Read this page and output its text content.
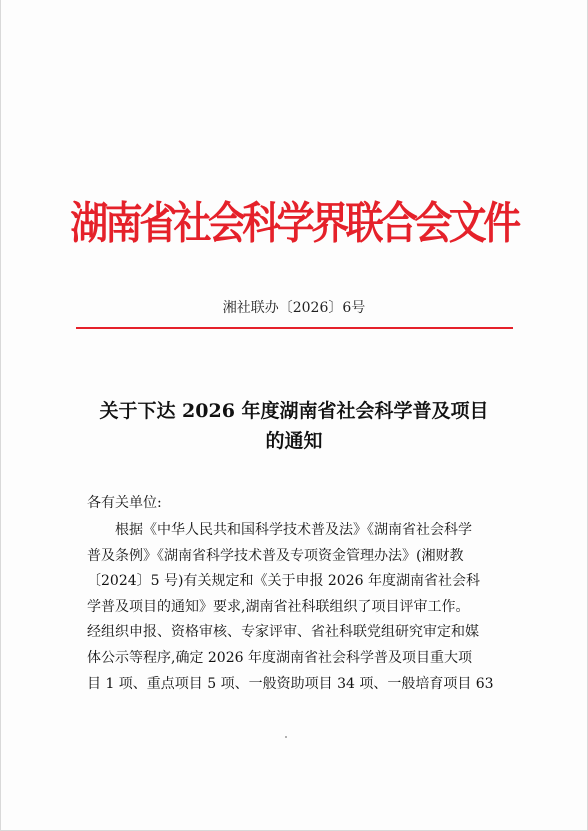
湖南省社会科学界联合会文件
湘社联办〔2026〕6号
关于下达 2026 年度湖南省社会科学普及项目
的通知
各有关单位:
根据《中华人民共和国科学技术普及法》《湖南省社会科学
普及条例》《湖南省科学技术普及专项资金管理办法》(湘财教
〔2024〕5 号)有关规定和《关于申报 2026 年度湖南省社会科
学普及项目的通知》要求,湖南省社科联组织了项目评审工作。
经组织申报、资格审核、专家评审、省社科联党组研究审定和媒
体公示等程序,确定 2026 年度湖南省社会科学普及项目重大项
目 1 项、重点项目 5 项、一般资助项目 34 项、一般培育项目 63
